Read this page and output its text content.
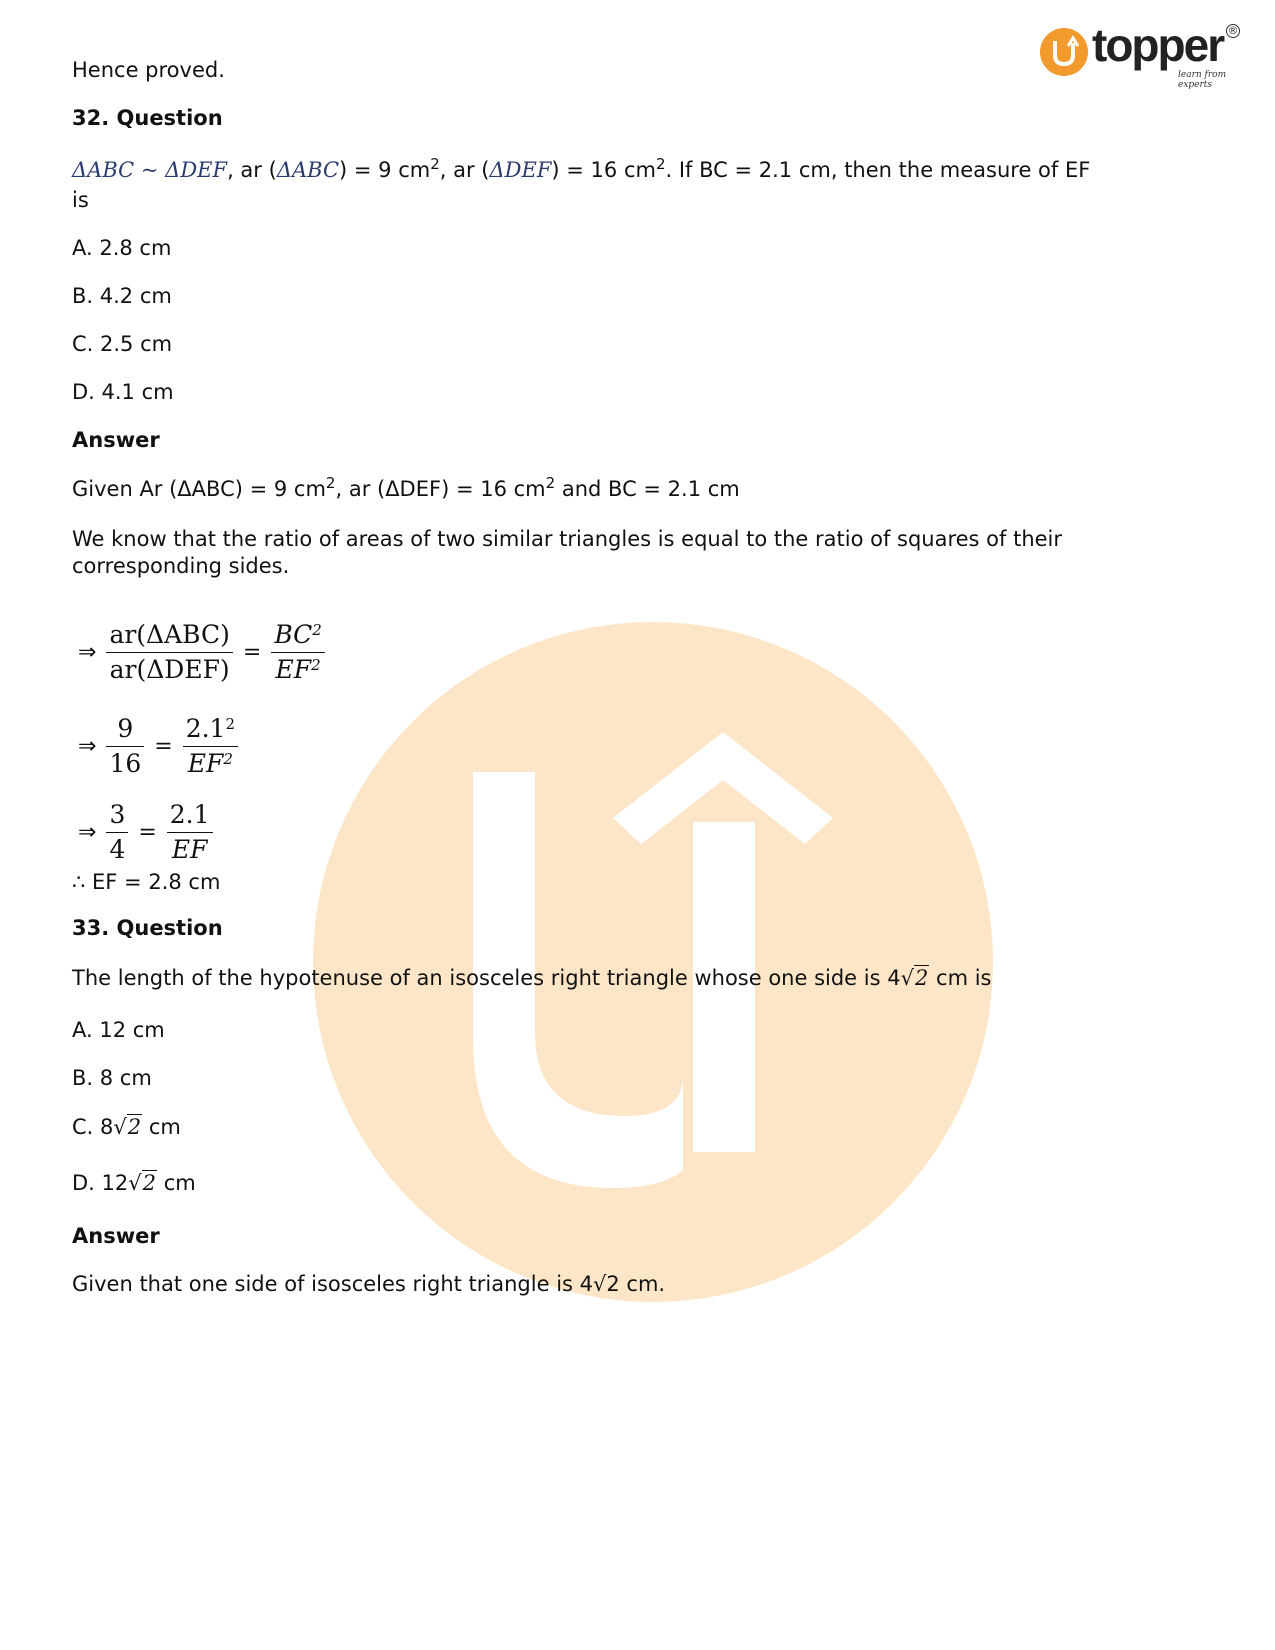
topper
learn from experts
®
Hence proved.
32. Question
ΔABC ~ ΔDEF, ar (ΔABC) = 9 $cm^2$, ar (ΔDEF) = 16 $cm^2$. If BC = 2.1 cm, then the measure of EF
is
A. 2.8 cm
B. 4.2 cm
C. 2.5 cm
D. 4.1 cm
Answer
Given Ar (ΔABC) = 9 $cm^2$, ar (ΔDEF) = 16 $cm^2$ and BC = 2.1 cm
We know that the ratio of areas of two similar triangles is equal to the ratio of squares of their
corresponding sides.
⇒ $\frac{\text{ar(ΔABC)}}{\text{ar(ΔDEF)}} = \frac{BC^2}{EF^2}$
⇒ $\frac{9}{16} = \frac{2.1^2}{EF^2}$
⇒ $\frac{3}{4} = \frac{2.1}{EF}$
∴ EF = 2.8 cm
33. Question
The length of the hypotenuse of an isosceles right triangle whose one side is 4√2 cm is
A. 12 cm
B. 8 cm
C. 8√2 cm
D. 12√2 cm
Answer
Given that one side of isosceles right triangle is 4√2 cm.
